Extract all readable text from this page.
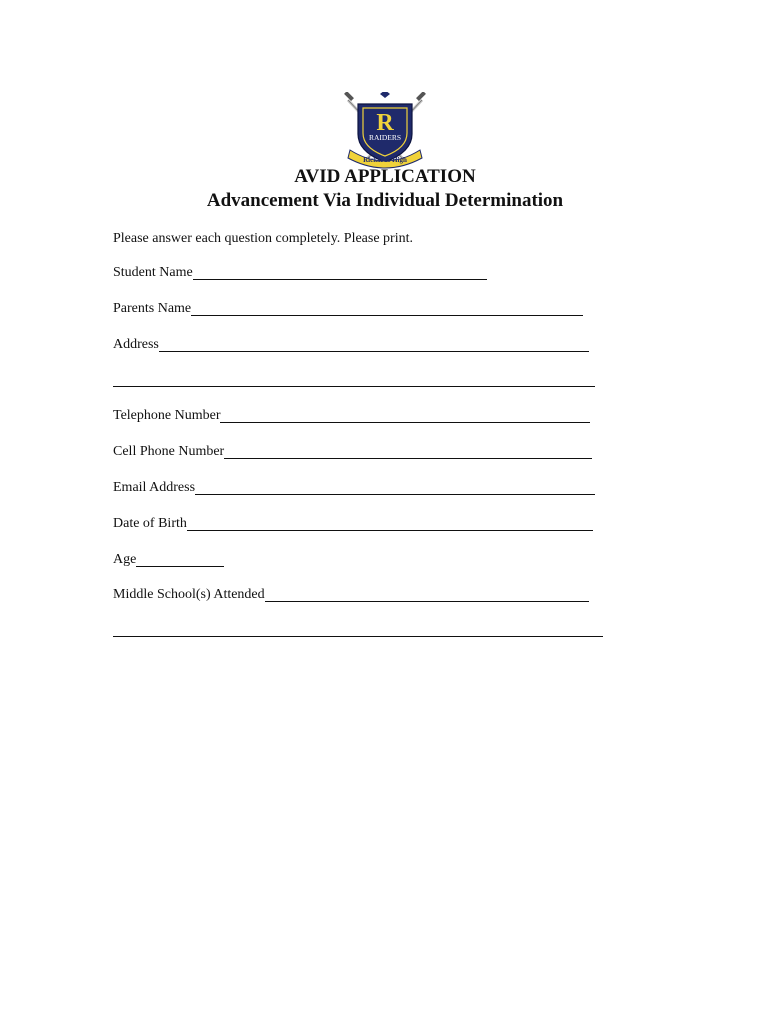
R
RAIDERS
Rickards High
AVID APPLICATION
Advancement Via Individual Determination
Please answer each question completely. Please print.
Student Name
Parents Name
Address
Telephone Number
Cell Phone Number
Email Address
Date of Birth
Age
Middle School(s) Attended
